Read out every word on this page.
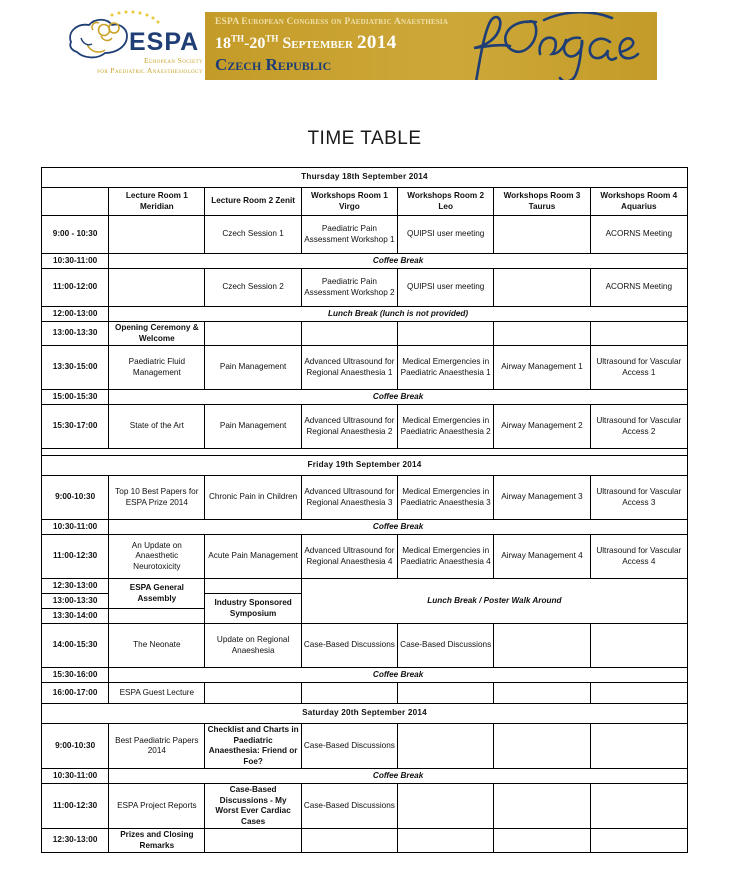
ESPA
European Society
for Paediatric Anaesthesiology
ESPA European Congress on Paediatric Anaesthesia
18TH-20TH September 2014
Czech Republic
TIME TABLE
Thursday 18th September 2014						
	Lecture Room 1 Meridian	Lecture Room 2 Zenit	Workshops Room 1 Virgo	Workshops Room 2 Leo	Workshops Room 3 Taurus	Workshops Room 4 Aquarius
9:00 - 10:30		Czech Session 1	Paediatric Pain Assessment Workshop 1	QUIPSI user meeting		ACORNS Meeting
10:30-11:00	Coffee Break					
11:00-12:00		Czech Session 2	Paediatric Pain Assessment Workshop 2	QUIPSI user meeting		ACORNS Meeting
12:00-13:00	Lunch Break (lunch is not provided)					
13:00-13:30	Opening Ceremony & Welcome					
13:30-15:00	Paediatric Fluid Management	Pain Management	Advanced Ultrasound for Regional Anaesthesia 1	Medical Emergencies in Paediatric Anaesthesia 1	Airway Management 1	Ultrasound for Vascular Access 1
15:00-15:30	Coffee Break					
15:30-17:00	State of the Art	Pain Management	Advanced Ultrasound for Regional Anaesthesia 2	Medical Emergencies in Paediatric Anaesthesia 2	Airway Management 2	Ultrasound for Vascular Access 2

Friday 19th September 2014						
9:00-10:30	Top 10 Best Papers for ESPA Prize 2014	Chronic Pain in Children	Advanced Ultrasound for Regional Anaesthesia 3	Medical Emergencies in Paediatric Anaesthesia 3	Airway Management 3	Ultrasound for Vascular Access 3
10:30-11:00	Coffee Break					
11:00-12:30	An Update on Anaesthetic Neurotoxicity	Acute Pain Management	Advanced Ultrasound for Regional Anaesthesia 4	Medical Emergencies in Paediatric Anaesthesia 4	Airway Management 4	Ultrasound for Vascular Access 4
12:30-13:00	ESPA General Assembly		Lunch Break / Poster Walk Around			
13:00-13:30		Industry Sponsored Symposium				
13:30-14:00						
14:00-15:30	The Neonate	Update on Regional Anaeshesia	Case-Based Discussions	Case-Based Discussions		
15:30-16:00	Coffee Break					
16:00-17:00	ESPA Guest Lecture					
Saturday 20th September 2014						
9:00-10:30	Best Paediatric Papers 2014	Checklist and Charts in Paediatric Anaesthesia: Friend or Foe?	Case-Based Discussions			
10:30-11:00	Coffee Break					
11:00-12:30	ESPA Project Reports	Case-Based Discussions - My Worst Ever Cardiac Cases	Case-Based Discussions			
12:30-13:00	Prizes and Closing Remarks					
